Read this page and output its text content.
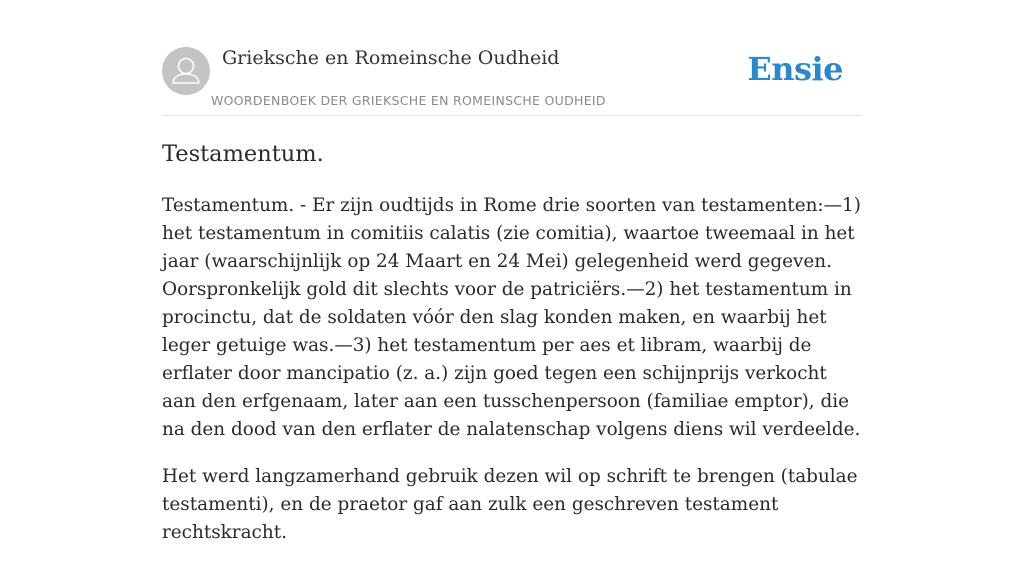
Grieksche en Romeinsche Oudheid
WOORDENBOEK DER GRIEKSCHE EN ROMEINSCHE OUDHEID
Ensie
Testamentum.

Testamentum. - Er zijn oudtijds in Rome drie soorten van testamenten:—1) het testamentum in comitiis calatis (zie comitia), waartoe tweemaal in het jaar (waarschijnlijk op 24 Maart en 24 Mei) gelegenheid werd gegeven. Oorspronkelijk gold dit slechts voor de patriciërs.—2) het testamentum in procinctu, dat de soldaten vóór den slag konden maken, en waarbij het leger getuige was.—3) het testamentum per aes et libram, waarbij de erflater door mancipatio (z. a.) zijn goed tegen een schijnprijs verkocht aan den erfgenaam, later aan een tusschenpersoon (familiae emptor), die na den dood van den erflater de nalatenschap volgens diens wil verdeelde.

Het werd langzamerhand gebruik dezen wil op schrift te brengen (tabulae testamenti), en de praetor gaf aan zulk een geschreven testament rechtskracht.
